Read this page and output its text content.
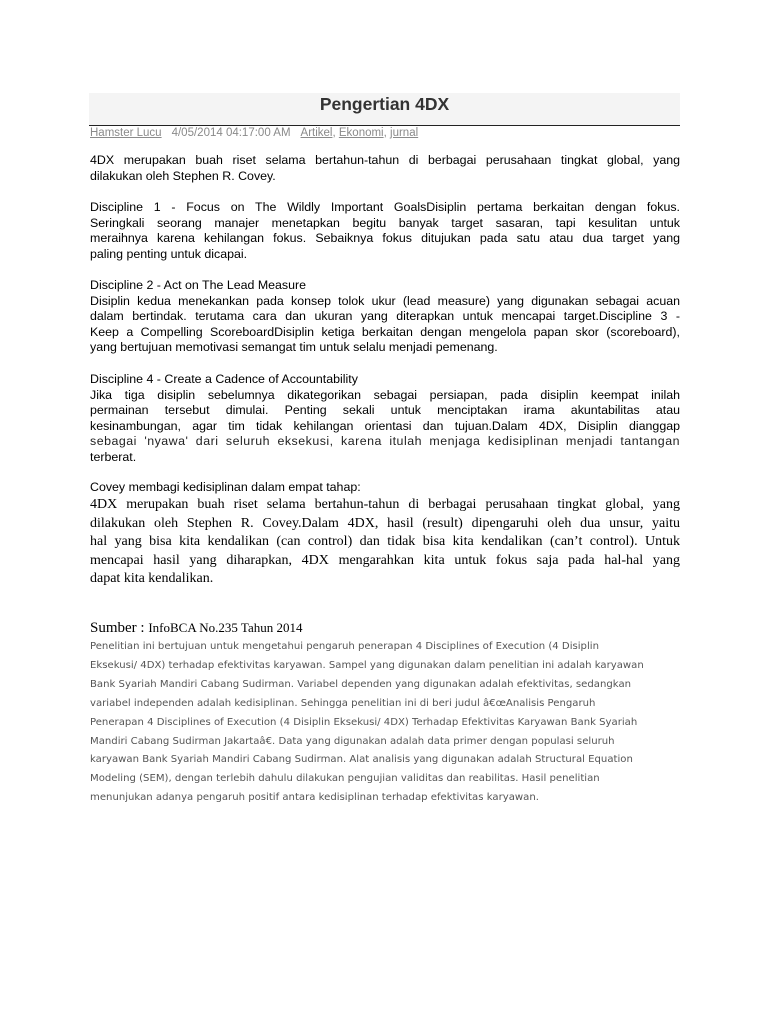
Pengertian 4DX
Hamster Lucu 4/05/2014 04:17:00 AM Artikel, Ekonomi, jurnal
4DX merupakan buah riset selama bertahun-tahun di berbagai perusahaan tingkat global, yang
dilakukan oleh Stephen R. Covey.
Discipline 1 - Focus on The Wildly Important GoalsDisiplin pertama berkaitan dengan fokus.
Seringkali seorang manajer menetapkan begitu banyak target sasaran, tapi kesulitan untuk
meraihnya karena kehilangan fokus. Sebaiknya fokus ditujukan pada satu atau dua target yang
paling penting untuk dicapai.
Discipline 2 - Act on The Lead Measure
Disiplin kedua menekankan pada konsep tolok ukur (lead measure) yang digunakan sebagai acuan
dalam bertindak. terutama cara dan ukuran yang diterapkan untuk mencapai target.Discipline 3 -
Keep a Compelling ScoreboardDisiplin ketiga berkaitan dengan mengelola papan skor (scoreboard),
yang bertujuan memotivasi semangat tim untuk selalu menjadi pemenang.
Discipline 4 - Create a Cadence of Accountability
Jika tiga disiplin sebelumnya dikategorikan sebagai persiapan, pada disiplin keempat inilah
permainan tersebut dimulai. Penting sekali untuk menciptakan irama akuntabilitas atau
kesinambungan, agar tim tidak kehilangan orientasi dan tujuan.Dalam 4DX, Disiplin dianggap
sebagai 'nyawa' dari seluruh eksekusi, karena itulah menjaga kedisiplinan menjadi tantangan
terberat.
Covey membagi kedisiplinan dalam empat tahap:
4DX merupakan buah riset selama bertahun-tahun di berbagai perusahaan tingkat global, yang
dilakukan oleh Stephen R. Covey.Dalam 4DX, hasil (result) dipengaruhi oleh dua unsur, yaitu
hal yang bisa kita kendalikan (can control) dan tidak bisa kita kendalikan (can’t control). Untuk
mencapai hasil yang diharapkan, 4DX mengarahkan kita untuk fokus saja pada hal-hal yang
dapat kita kendalikan.
Sumber : InfoBCA No.235 Tahun 2014
Penelitian ini bertujuan untuk mengetahui pengaruh penerapan 4 Disciplines of Execution (4 Disiplin
Eksekusi/ 4DX) terhadap efektivitas karyawan. Sampel yang digunakan dalam penelitian ini adalah karyawan
Bank Syariah Mandiri Cabang Sudirman. Variabel dependen yang digunakan adalah efektivitas, sedangkan
variabel independen adalah kedisiplinan. Sehingga penelitian ini di beri judul â€œAnalisis Pengaruh
Penerapan 4 Disciplines of Execution (4 Disiplin Eksekusi/ 4DX) Terhadap Efektivitas Karyawan Bank Syariah
Mandiri Cabang Sudirman Jakartaâ€. Data yang digunakan adalah data primer dengan populasi seluruh
karyawan Bank Syariah Mandiri Cabang Sudirman. Alat analisis yang digunakan adalah Structural Equation
Modeling (SEM), dengan terlebih dahulu dilakukan pengujian validitas dan reabilitas. Hasil penelitian
menunjukan adanya pengaruh positif antara kedisiplinan terhadap efektivitas karyawan.
